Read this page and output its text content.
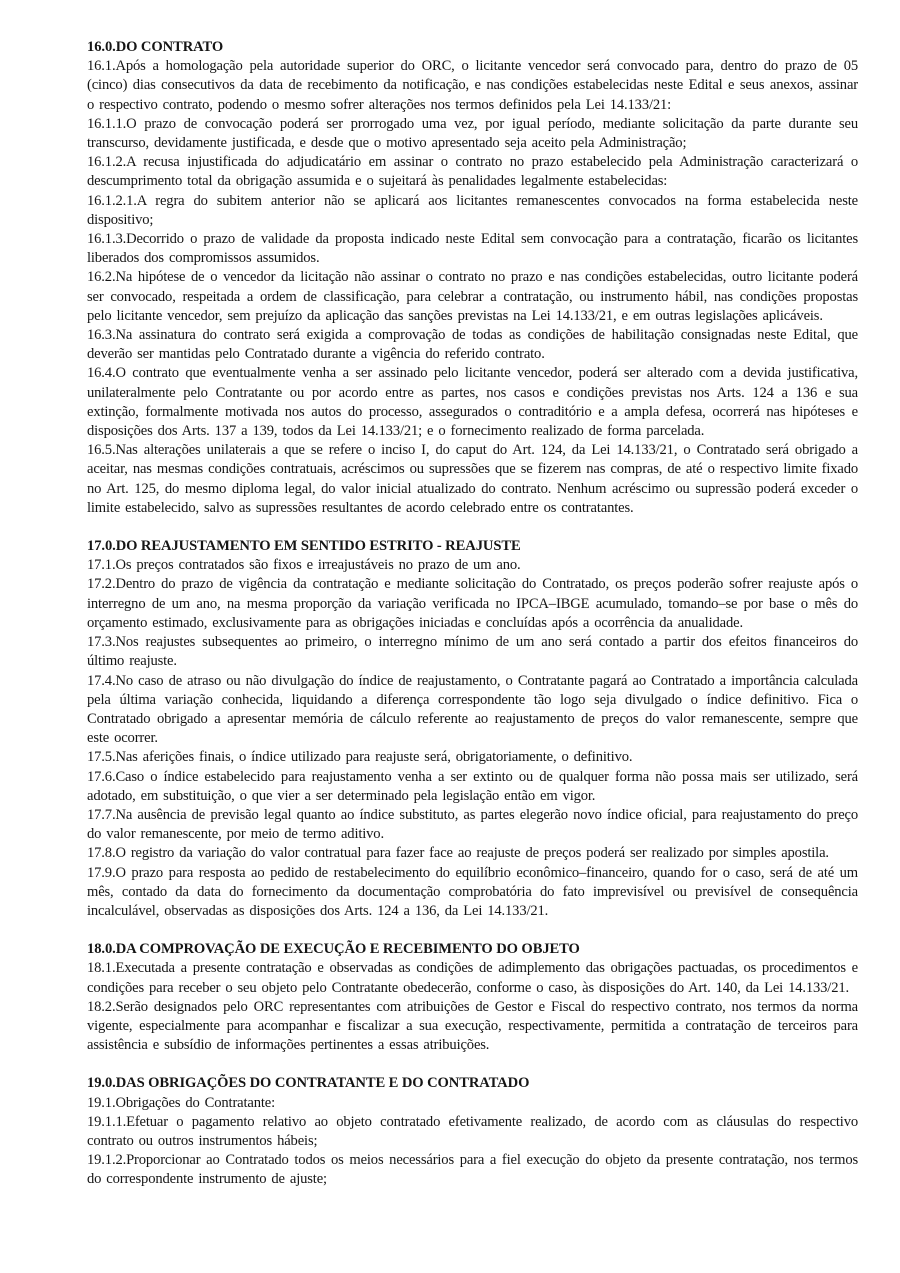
16.0.DO CONTRATO

16.1.Após a homologação pela autoridade superior do ORC, o licitante vencedor será convocado para, dentro do prazo de 05 (cinco) dias consecutivos da data de recebimento da notificação, e nas condições estabelecidas neste Edital e seus anexos, assinar o respectivo contrato, podendo o mesmo sofrer alterações nos termos definidos pela Lei 14.133/21:

16.1.1.O prazo de convocação poderá ser prorrogado uma vez, por igual período, mediante solicitação da parte durante seu transcurso, devidamente justificada, e desde que o motivo apresentado seja aceito pela Administração;

16.1.2.A recusa injustificada do adjudicatário em assinar o contrato no prazo estabelecido pela Administração caracterizará o descumprimento total da obrigação assumida e o sujeitará às penalidades legalmente estabelecidas:

16.1.2.1.A regra do subitem anterior não se aplicará aos licitantes remanescentes convocados na forma estabelecida neste dispositivo;

16.1.3.Decorrido o prazo de validade da proposta indicado neste Edital sem convocação para a contratação, ficarão os licitantes liberados dos compromissos assumidos.

16.2.Na hipótese de o vencedor da licitação não assinar o contrato no prazo e nas condições estabelecidas, outro licitante poderá ser convocado, respeitada a ordem de classificação, para celebrar a contratação, ou instrumento hábil, nas condições propostas pelo licitante vencedor, sem prejuízo da aplicação das sanções previstas na Lei 14.133/21, e em outras legislações aplicáveis.

16.3.Na assinatura do contrato será exigida a comprovação de todas as condições de habilitação consignadas neste Edital, que deverão ser mantidas pelo Contratado durante a vigência do referido contrato.

16.4.O contrato que eventualmente venha a ser assinado pelo licitante vencedor, poderá ser alterado com a devida justificativa, unilateralmente pelo Contratante ou por acordo entre as partes, nos casos e condições previstas nos Arts. 124 a 136 e sua extinção, formalmente motivada nos autos do processo, assegurados o contraditório e a ampla defesa, ocorrerá nas hipóteses e disposições dos Arts. 137 a 139, todos da Lei 14.133/21; e o fornecimento realizado de forma parcelada.

16.5.Nas alterações unilaterais a que se refere o inciso I, do caput do Art. 124, da Lei 14.133/21, o Contratado será obrigado a aceitar, nas mesmas condições contratuais, acréscimos ou supressões que se fizerem nas compras, de até o respectivo limite fixado no Art. 125, do mesmo diploma legal, do valor inicial atualizado do contrato. Nenhum acréscimo ou supressão poderá exceder o limite estabelecido, salvo as supressões resultantes de acordo celebrado entre os contratantes.

17.0.DO REAJUSTAMENTO EM SENTIDO ESTRITO - REAJUSTE

17.1.Os preços contratados são fixos e irreajustáveis no prazo de um ano.

17.2.Dentro do prazo de vigência da contratação e mediante solicitação do Contratado, os preços poderão sofrer reajuste após o interregno de um ano, na mesma proporção da variação verificada no IPCA–IBGE acumulado, tomando–se por base o mês do orçamento estimado, exclusivamente para as obrigações iniciadas e concluídas após a ocorrência da anualidade.

17.3.Nos reajustes subsequentes ao primeiro, o interregno mínimo de um ano será contado a partir dos efeitos financeiros do último reajuste.

17.4.No caso de atraso ou não divulgação do índice de reajustamento, o Contratante pagará ao Contratado a importância calculada pela última variação conhecida, liquidando a diferença correspondente tão logo seja divulgado o índice definitivo. Fica o Contratado obrigado a apresentar memória de cálculo referente ao reajustamento de preços do valor remanescente, sempre que este ocorrer.

17.5.Nas aferições finais, o índice utilizado para reajuste será, obrigatoriamente, o definitivo.

17.6.Caso o índice estabelecido para reajustamento venha a ser extinto ou de qualquer forma não possa mais ser utilizado, será adotado, em substituição, o que vier a ser determinado pela legislação então em vigor.

17.7.Na ausência de previsão legal quanto ao índice substituto, as partes elegerão novo índice oficial, para reajustamento do preço do valor remanescente, por meio de termo aditivo.

17.8.O registro da variação do valor contratual para fazer face ao reajuste de preços poderá ser realizado por simples apostila.

17.9.O prazo para resposta ao pedido de restabelecimento do equilíbrio econômico–financeiro, quando for o caso, será de até um mês, contado da data do fornecimento da documentação comprobatória do fato imprevisível ou previsível de consequência incalculável, observadas as disposições dos Arts. 124 a 136, da Lei 14.133/21.

18.0.DA COMPROVAÇÃO DE EXECUÇÃO E RECEBIMENTO DO OBJETO

18.1.Executada a presente contratação e observadas as condições de adimplemento das obrigações pactuadas, os procedimentos e condições para receber o seu objeto pelo Contratante obedecerão, conforme o caso, às disposições do Art. 140, da Lei 14.133/21.

18.2.Serão designados pelo ORC representantes com atribuições de Gestor e Fiscal do respectivo contrato, nos termos da norma vigente, especialmente para acompanhar e fiscalizar a sua execução, respectivamente, permitida a contratação de terceiros para assistência e subsídio de informações pertinentes a essas atribuições.

19.0.DAS OBRIGAÇÕES DO CONTRATANTE E DO CONTRATADO

19.1.Obrigações do Contratante:

19.1.1.Efetuar o pagamento relativo ao objeto contratado efetivamente realizado, de acordo com as cláusulas do respectivo contrato ou outros instrumentos hábeis;

19.1.2.Proporcionar ao Contratado todos os meios necessários para a fiel execução do objeto da presente contratação, nos termos do correspondente instrumento de ajuste;
